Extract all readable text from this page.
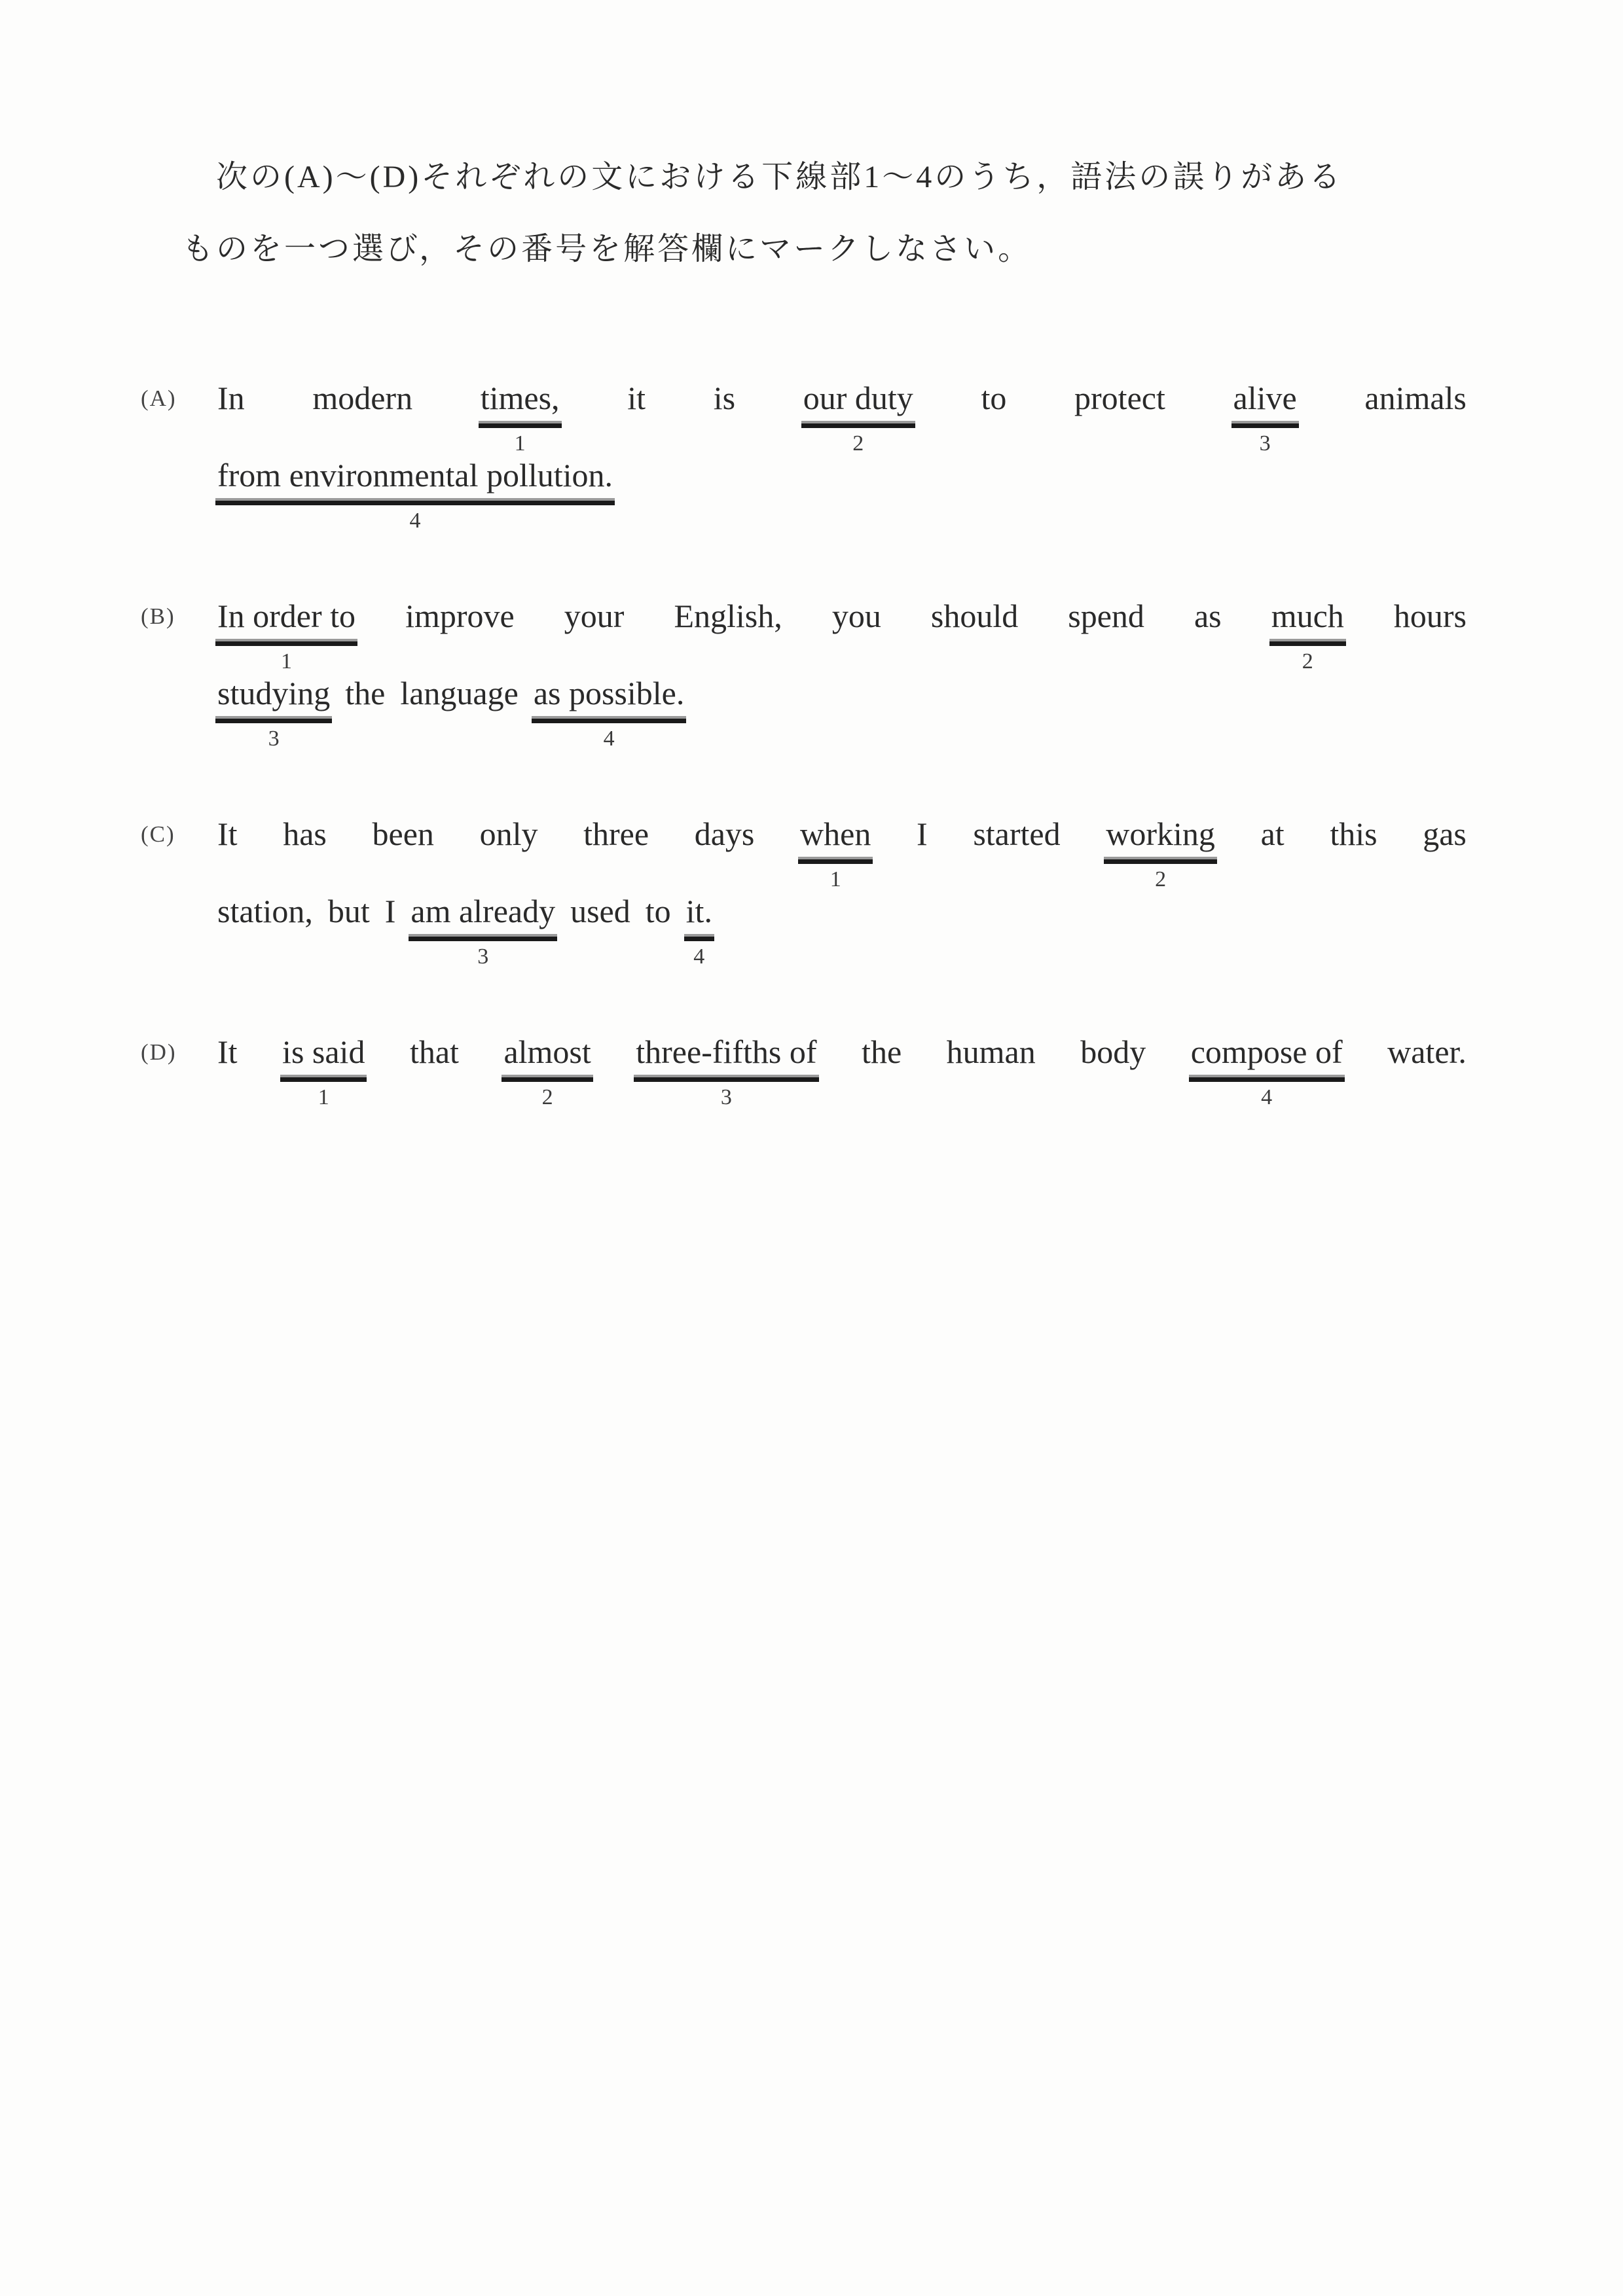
次の(A)～(D)それぞれの文における下線部1～4のうち，語法の誤りがある

ものを一つ選び，その番号を解答欄にマークしなさい。

(A)	In modern times,
1
it is our duty
2
to protect alive
3
animals
from environmental pollution.
4
(B)	In order to
1
improve your English, you should spend as much
2
hours
studying
3
the language as possible.
4
(C)	It has been only three days when
1
I started working
2
at this gas
station, but I am already
3
used to it.
4
(D)	It is said
1
that almost
2
three-fifths of
3
the human body compose of
4
water.
